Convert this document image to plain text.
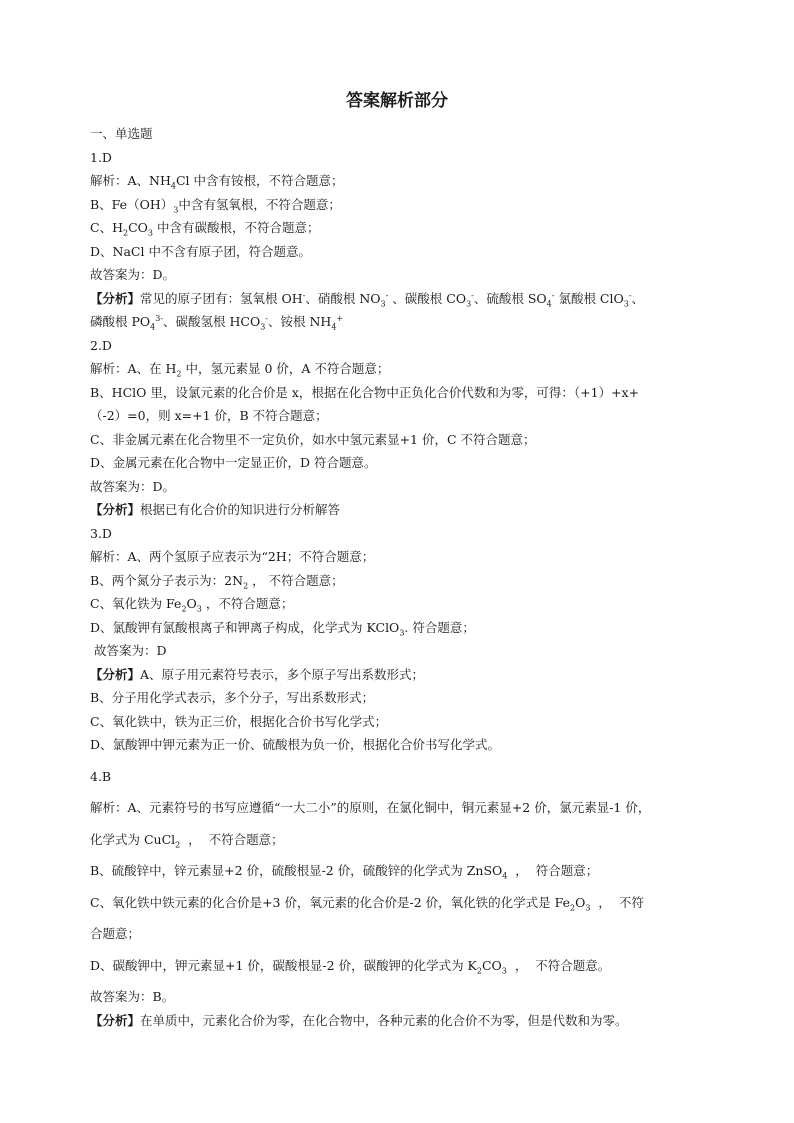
答案解析部分
一、单选题
1.D
解析：A、$NH_4Cl$ 中含有铵根，不符合题意；
B、$Fe(OH)_3$中含有氢氧根，不符合题意；
C、$H_2CO_3$ 中含有碳酸根，不符合题意；
D、NaCl 中不含有原子团，符合题意。
故答案为：D。
【分析】常见的原子团有：氢氧根 OH-、硝酸根 $NO_3^-$ 、碳酸根 $CO_3^-$、硫酸根 $SO_4^-$ 氯酸根 ClO$_3$-、
磷酸根 $PO_4^{3-}$、碳酸氢根 $HCO_3^-$、铵根 $NH_4^+$
2.D
解析：A、在 $H_2$ 中，氢元素显 0 价，A 不符合题意；
B、HClO 里，设氯元素的化合价是 x，根据在化合物中正负化合价代数和为零，可得：（+1）+x+
（-2）=0，则 x=+1 价，B 不符合题意；
C、非金属元素在化合物里不一定负价，如水中氢元素显+1 价，C 不符合题意；
D、金属元素在化合物中一定显正价，D 符合题意。
故答案为：D。
【分析】根据已有化合价的知识进行分析解答
3.D
解析：A、两个氢原子应表示为“2H；不符合题意；
B、两个氮分子表示为：$2N_2$ ， 不符合题意；
C、氧化铁为 $Fe_2O_3$ ，不符合题意；
D、氯酸钾有氯酸根离子和钾离子构成，化学式为 KClO$_3$. 符合题意；
故答案为：D
【分析】A、原子用元素符号表示，多个原子写出系数形式；
B、分子用化学式表示，多个分子，写出系数形式；
C、氧化铁中，铁为正三价，根据化合价书写化学式；
D、氯酸钾中钾元素为正一价、硫酸根为负一价，根据化合价书写化学式。
4.B
解析：A、元素符号的书写应遵循“一大二小”的原则，在氯化铜中，铜元素显+2 价，氯元素显-1 价，
化学式为 CuCl$_2$  ，  不符合题意；
B、硫酸锌中，锌元素显+2 价，硫酸根显-2 价，硫酸锌的化学式为 ZnSO$_4$  ，  符合题意；
C、氧化铁中铁元素的化合价是+3 价，氧元素的化合价是-2 价，氧化铁的化学式是 $Fe_2O_3$  ，  不符
合题意；
D、碳酸钾中，钾元素显+1 价，碳酸根显-2 价，碳酸钾的化学式为 $K_2CO_3$  ，  不符合题意。
故答案为：B。
【分析】在单质中，元素化合价为零，在化合物中，各种元素的化合价不为零，但是代数和为零。
